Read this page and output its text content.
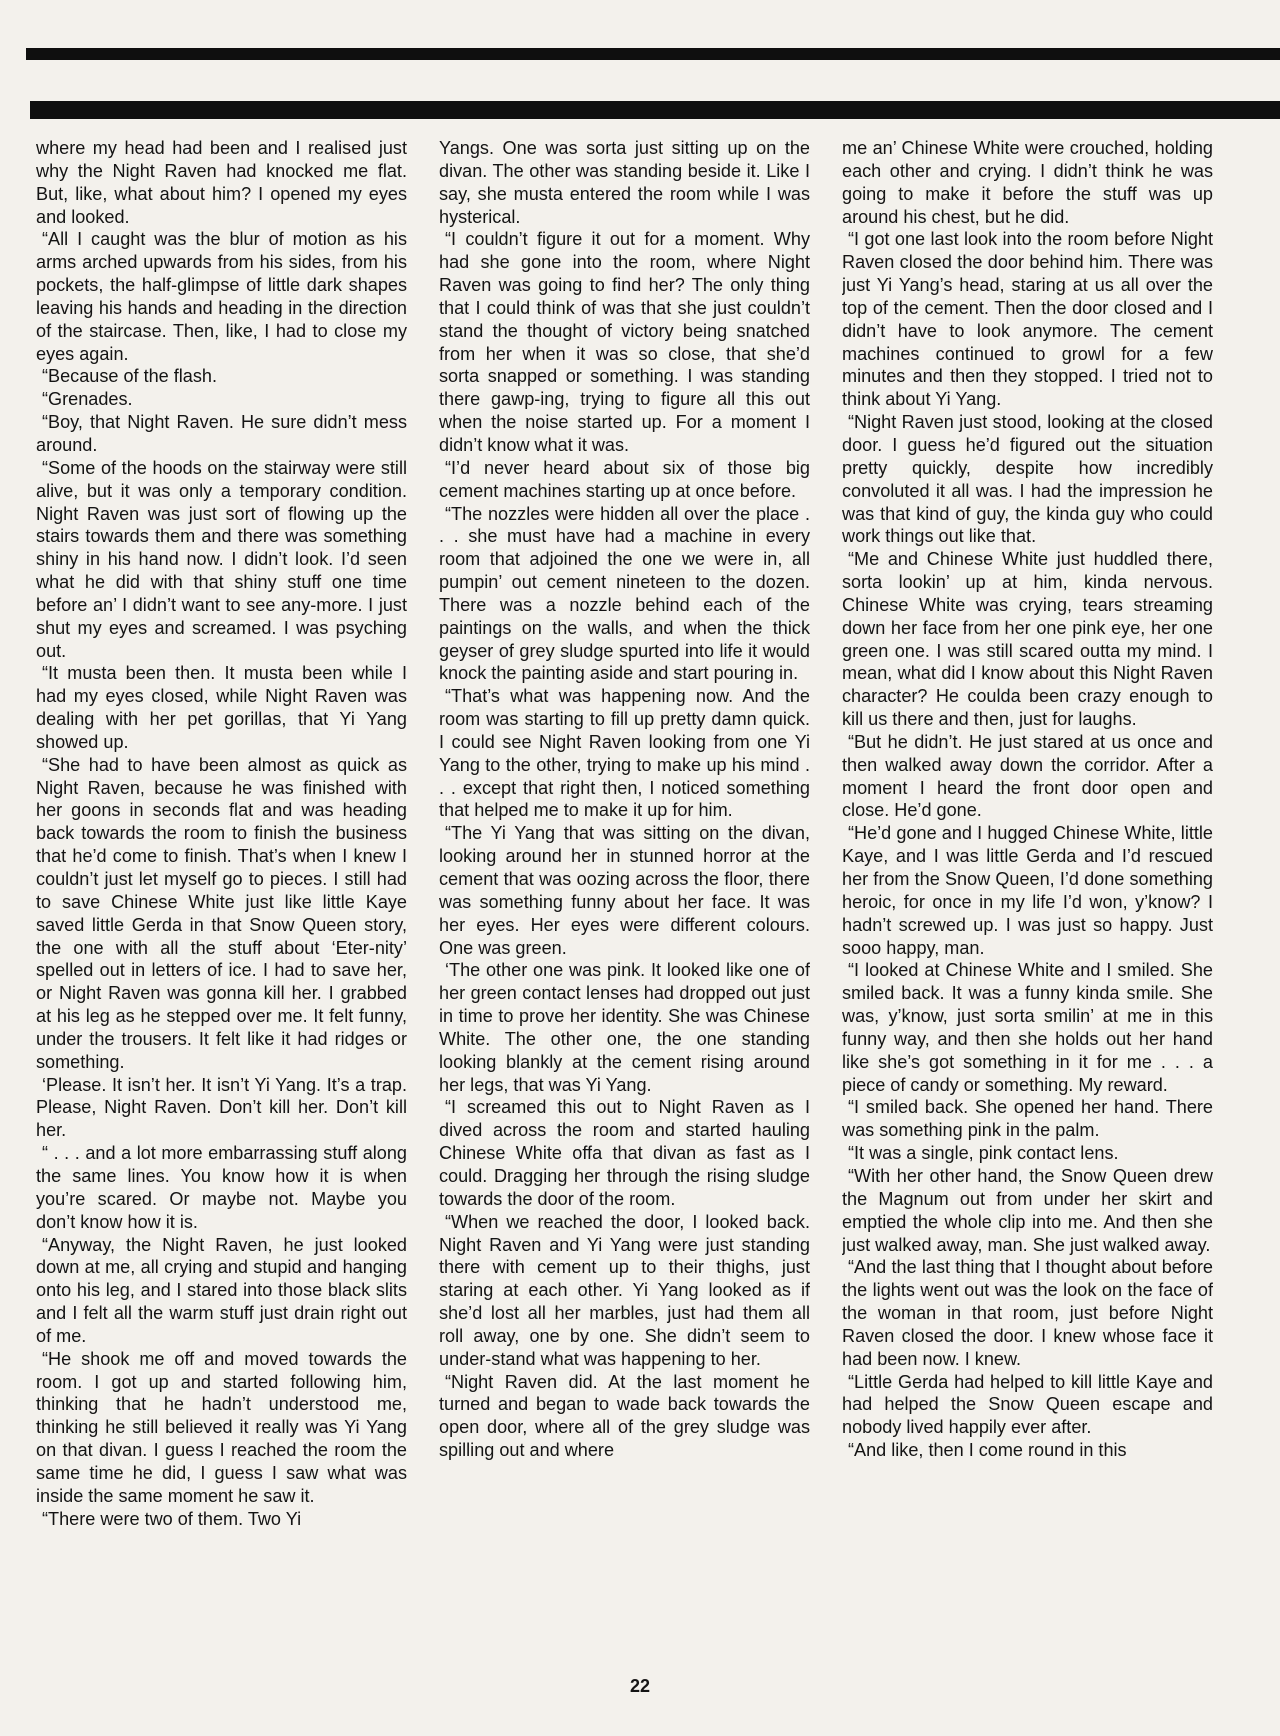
where my head had been and I realised just why the Night Raven had knocked me flat. But, like, what about him? I opened my eyes and looked.

“All I caught was the blur of motion as his arms arched upwards from his sides, from his pockets, the half-glimpse of little dark shapes leaving his hands and heading in the direction of the staircase. Then, like, I had to close my eyes again.

“Because of the flash.

“Grenades.

“Boy, that Night Raven. He sure didn’t mess around.

“Some of the hoods on the stairway were still alive, but it was only a temporary condition. Night Raven was just sort of flowing up the stairs towards them and there was something shiny in his hand now. I didn’t look. I’d seen what he did with that shiny stuff one time before an’ I didn’t want to see any-more. I just shut my eyes and screamed. I was psyching out.

“It musta been then. It musta been while I had my eyes closed, while Night Raven was dealing with her pet gorillas, that Yi Yang showed up.

“She had to have been almost as quick as Night Raven, because he was finished with her goons in seconds flat and was heading back towards the room to finish the business that he’d come to finish. That’s when I knew I couldn’t just let myself go to pieces. I still had to save Chinese White just like little Kaye saved little Gerda in that Snow Queen story, the one with all the stuff about ‘Eter-nity’ spelled out in letters of ice. I had to save her, or Night Raven was gonna kill her. I grabbed at his leg as he stepped over me. It felt funny, under the trousers. It felt like it had ridges or something.

‘Please. It isn’t her. It isn’t Yi Yang. It’s a trap. Please, Night Raven. Don’t kill her. Don’t kill her.

“ . . . and a lot more embarrassing stuff along the same lines. You know how it is when you’re scared. Or maybe not. Maybe you don’t know how it is.

“Anyway, the Night Raven, he just looked down at me, all crying and stupid and hanging onto his leg, and I stared into those black slits and I felt all the warm stuff just drain right out of me.

“He shook me off and moved towards the room. I got up and started following him, thinking that he hadn’t understood me, thinking he still believed it really was Yi Yang on that divan. I guess I reached the room the same time he did, I guess I saw what was inside the same moment he saw it.

“There were two of them. Two Yi

Yangs. One was sorta just sitting up on the divan. The other was standing beside it. Like I say, she musta entered the room while I was hysterical.

“I couldn’t figure it out for a moment. Why had she gone into the room, where Night Raven was going to find her? The only thing that I could think of was that she just couldn’t stand the thought of victory being snatched from her when it was so close, that she’d sorta snapped or something. I was standing there gawp-ing, trying to figure all this out when the noise started up. For a moment I didn’t know what it was.

“I’d never heard about six of those big cement machines starting up at once before.

“The nozzles were hidden all over the place . . . she must have had a machine in every room that adjoined the one we were in, all pumpin’ out cement nineteen to the dozen. There was a nozzle behind each of the paintings on the walls, and when the thick geyser of grey sludge spurted into life it would knock the painting aside and start pouring in.

“That’s what was happening now. And the room was starting to fill up pretty damn quick. I could see Night Raven looking from one Yi Yang to the other, trying to make up his mind . . . except that right then, I noticed something that helped me to make it up for him.

“The Yi Yang that was sitting on the divan, looking around her in stunned horror at the cement that was oozing across the floor, there was something funny about her face. It was her eyes. Her eyes were different colours. One was green.

‘The other one was pink. It looked like one of her green contact lenses had dropped out just in time to prove her identity. She was Chinese White. The other one, the one standing looking blankly at the cement rising around her legs, that was Yi Yang.

“I screamed this out to Night Raven as I dived across the room and started hauling Chinese White offa that divan as fast as I could. Dragging her through the rising sludge towards the door of the room.

“When we reached the door, I looked back. Night Raven and Yi Yang were just standing there with cement up to their thighs, just staring at each other. Yi Yang looked as if she’d lost all her marbles, just had them all roll away, one by one. She didn’t seem to under-stand what was happening to her.

“Night Raven did. At the last moment he turned and began to wade back towards the open door, where all of the grey sludge was spilling out and where

me an’ Chinese White were crouched, holding each other and crying. I didn’t think he was going to make it before the stuff was up around his chest, but he did.

“I got one last look into the room before Night Raven closed the door behind him. There was just Yi Yang’s head, staring at us all over the top of the cement. Then the door closed and I didn’t have to look anymore. The cement machines continued to growl for a few minutes and then they stopped. I tried not to think about Yi Yang.

“Night Raven just stood, looking at the closed door. I guess he’d figured out the situation pretty quickly, despite how incredibly convoluted it all was. I had the impression he was that kind of guy, the kinda guy who could work things out like that.

“Me and Chinese White just huddled there, sorta lookin’ up at him, kinda nervous. Chinese White was crying, tears streaming down her face from her one pink eye, her one green one. I was still scared outta my mind. I mean, what did I know about this Night Raven character? He coulda been crazy enough to kill us there and then, just for laughs.

“But he didn’t. He just stared at us once and then walked away down the corridor. After a moment I heard the front door open and close. He’d gone.

“He’d gone and I hugged Chinese White, little Kaye, and I was little Gerda and I’d rescued her from the Snow Queen, I’d done something heroic, for once in my life I’d won, y’know? I hadn’t screwed up. I was just so happy. Just sooo happy, man.

“I looked at Chinese White and I smiled. She smiled back. It was a funny kinda smile. She was, y’know, just sorta smilin’ at me in this funny way, and then she holds out her hand like she’s got something in it for me . . . a piece of candy or something. My reward.

“I smiled back. She opened her hand. There was something pink in the palm.

“It was a single, pink contact lens.

“With her other hand, the Snow Queen drew the Magnum out from under her skirt and emptied the whole clip into me. And then she just walked away, man. She just walked away.

“And the last thing that I thought about before the lights went out was the look on the face of the woman in that room, just before Night Raven closed the door. I knew whose face it had been now. I knew.

“Little Gerda had helped to kill little Kaye and had helped the Snow Queen escape and nobody lived happily ever after.

“And like, then I come round in this

22
